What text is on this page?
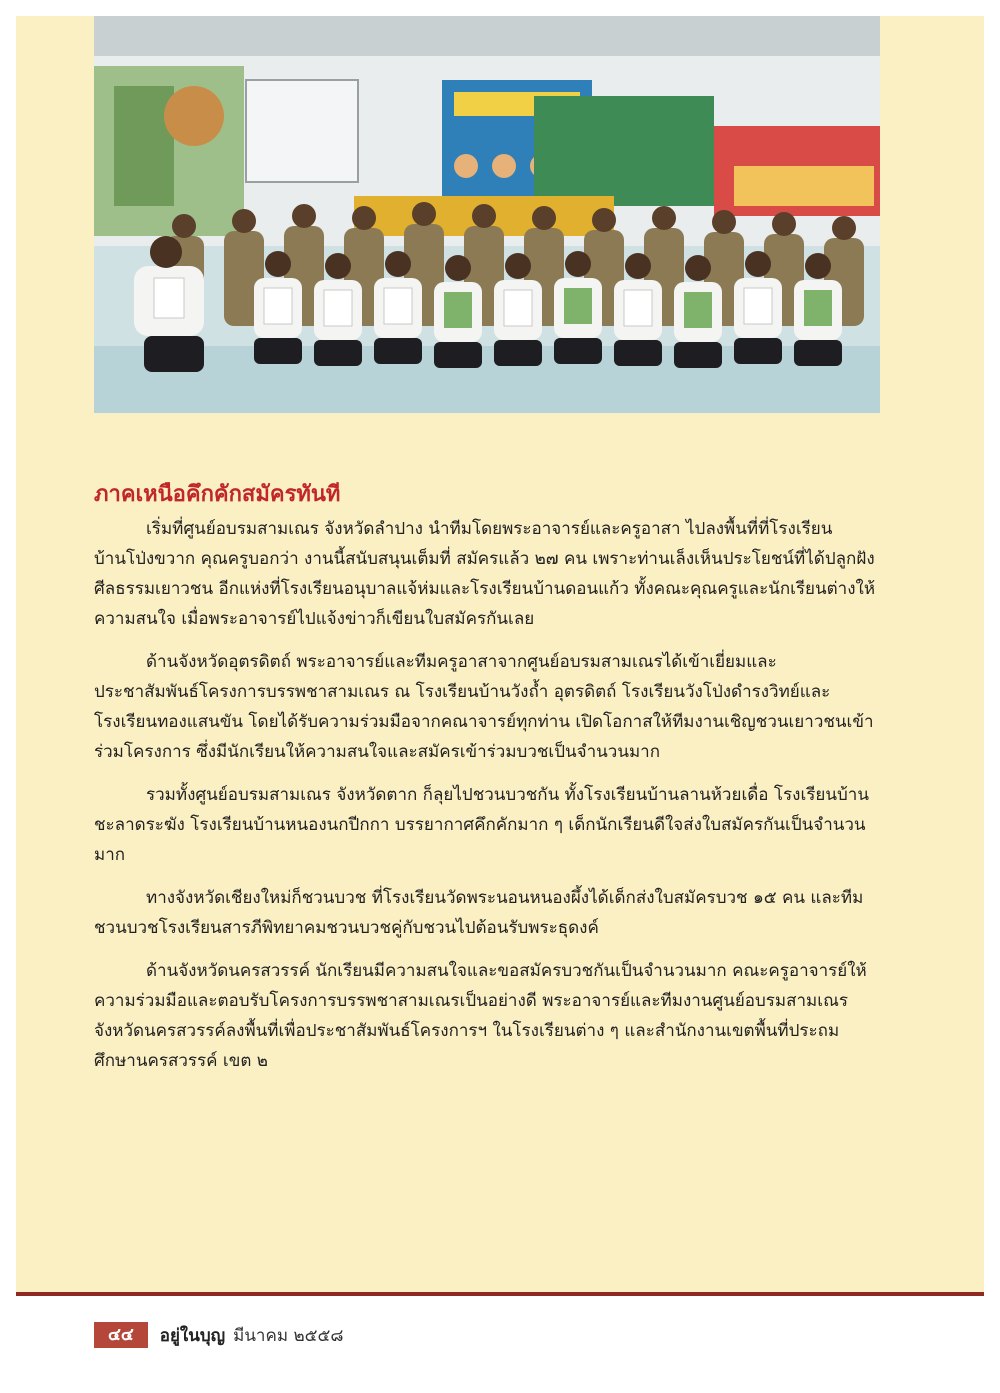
ภาคเหนือคึกคักสมัครทันที

เริ่มที่ศูนย์อบรมสามเณร จังหวัดลำปาง นำทีมโดยพระอาจารย์และครูอาสา ไปลงพื้นที่ที่โรงเรียนบ้านโป่งขวาก คุณครูบอกว่า งานนี้สนับสนุนเต็มที่ สมัครแล้ว ๒๗ คน เพราะท่านเล็งเห็นประโยชน์ที่ได้ปลูกฝังศีลธรรมเยาวชน อีกแห่งที่โรงเรียนอนุบาลแจ้ห่มและโรงเรียนบ้านดอนแก้ว ทั้งคณะคุณครูและนักเรียนต่างให้ความสนใจ เมื่อพระอาจารย์ไปแจ้งข่าวก็เขียนใบสมัครกันเลย

ด้านจังหวัดอุตรดิตถ์ พระอาจารย์และทีมครูอาสาจากศูนย์อบรมสามเณรได้เข้าเยี่ยมและประชาสัมพันธ์โครงการบรรพชาสามเณร ณ โรงเรียนบ้านวังถ้ำ อุตรดิตถ์ โรงเรียนวังโป่งดำรงวิทย์และโรงเรียนทองแสนขัน โดยได้รับความร่วมมือจากคณาจารย์ทุกท่าน เปิดโอกาสให้ทีมงานเชิญชวนเยาวชนเข้าร่วมโครงการ ซึ่งมีนักเรียนให้ความสนใจและสมัครเข้าร่วมบวชเป็นจำนวนมาก

รวมทั้งศูนย์อบรมสามเณร จังหวัดตาก ก็ลุยไปชวนบวชกัน ทั้งโรงเรียนบ้านลานห้วยเดื่อ โรงเรียนบ้านชะลาดระฆัง โรงเรียนบ้านหนองนกปีกกา บรรยากาศคึกคักมาก ๆ เด็กนักเรียนดีใจส่งใบสมัครกันเป็นจำนวนมาก

ทางจังหวัดเชียงใหม่ก็ชวนบวช ที่โรงเรียนวัดพระนอนหนองผึ้งได้เด็กส่งใบสมัครบวช ๑๕ คน และทีมชวนบวชโรงเรียนสารภีพิทยาคมชวนบวชคู่กับชวนไปต้อนรับพระธุดงค์

ด้านจังหวัดนครสวรรค์ นักเรียนมีความสนใจและขอสมัครบวชกันเป็นจำนวนมาก คณะครูอาจารย์ให้ความร่วมมือและตอบรับโครงการบรรพชาสามเณรเป็นอย่างดี พระอาจารย์และทีมงานศูนย์อบรมสามเณรจังหวัดนครสวรรค์ลงพื้นที่เพื่อประชาสัมพันธ์โครงการฯ ในโรงเรียนต่าง ๆ และสำนักงานเขตพื้นที่ประถมศึกษานครสวรรค์ เขต ๒

๔๔	อยู่ในบุญ มีนาคม ๒๕๕๘
